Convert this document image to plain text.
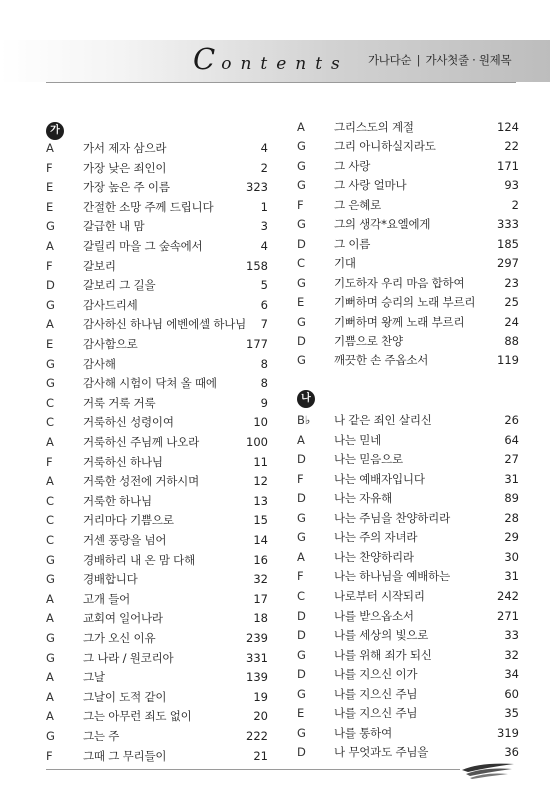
Contents 가나다순 | 가사첫줄 · 원제목
가
A	가서 제자 삼으라	4
F	가장 낮은 죄인이	2
E	가장 높은 주 이름	323
E	간절한 소망 주께 드립니다	1
G	갈급한 내 맘	3
A	갈릴리 마을 그 숲속에서	4
F	갈보리	158
D	갈보리 그 길을	5
G	감사드리세	6
A	감사하신 하나님 에벤에셀 하나님 7
E	감사함으로	177
G	감사해	8
G	감사해 시험이 닥쳐 올 때에	8
C	거룩 거룩 거룩	9
C	거룩하신 성령이여	10
A	거룩하신 주님께 나오라	100
F	거룩하신 하나님	11
A	거룩한 성전에 거하시며	12
C	거룩한 하나님	13
C	거리마다 기쁨으로	15
C	거센 풍랑을 넘어	14
G	경배하리 내 온 맘 다해	16
G	경배합니다	32
A	고개 들어	17
A	교회여 일어나라	18
G	그가 오신 이유	239
G	그 나라 / 원코리아	331
A	그날	139
A	그날이 도적 같이	19
A	그는 아무런 죄도 없이	20
G	그는 주	222
F	그때 그 무리들이	21
A	그리스도의 계절	124
G	그리 아니하실지라도	22
G	그 사랑	171
G	그 사랑 얼마나	93
F	그 은혜로	2
G	그의 생각*요엘에게	333
D	그 이름	185
C	기대	297
G	기도하자 우리 마음 합하여	23
E	기뻐하며 승리의 노래 부르리	25
G	기뻐하며 왕께 노래 부르리	24
D	기쁨으로 찬양	88
G	깨끗한 손 주옵소서	119
나
B♭	나 같은 죄인 살리신	26
A	나는 믿네	64
D	나는 믿음으로	27
F	나는 예배자입니다	31
D	나는 자유해	89
G	나는 주님을 찬양하리라	28
G	나는 주의 자녀라	29
A	나는 찬양하리라	30
F	나는 하나님을 예배하는	31
C	나로부터 시작되리	242
D	나를 받으옵소서	271
D	나를 세상의 빛으로	33
G	나를 위해 죄가 되신	32
D	나를 지으신 이가	34
G	나를 지으신 주님	60
E	나를 지으신 주님	35
G	나를 통하여	319
D	나 무엇과도 주님을	36
